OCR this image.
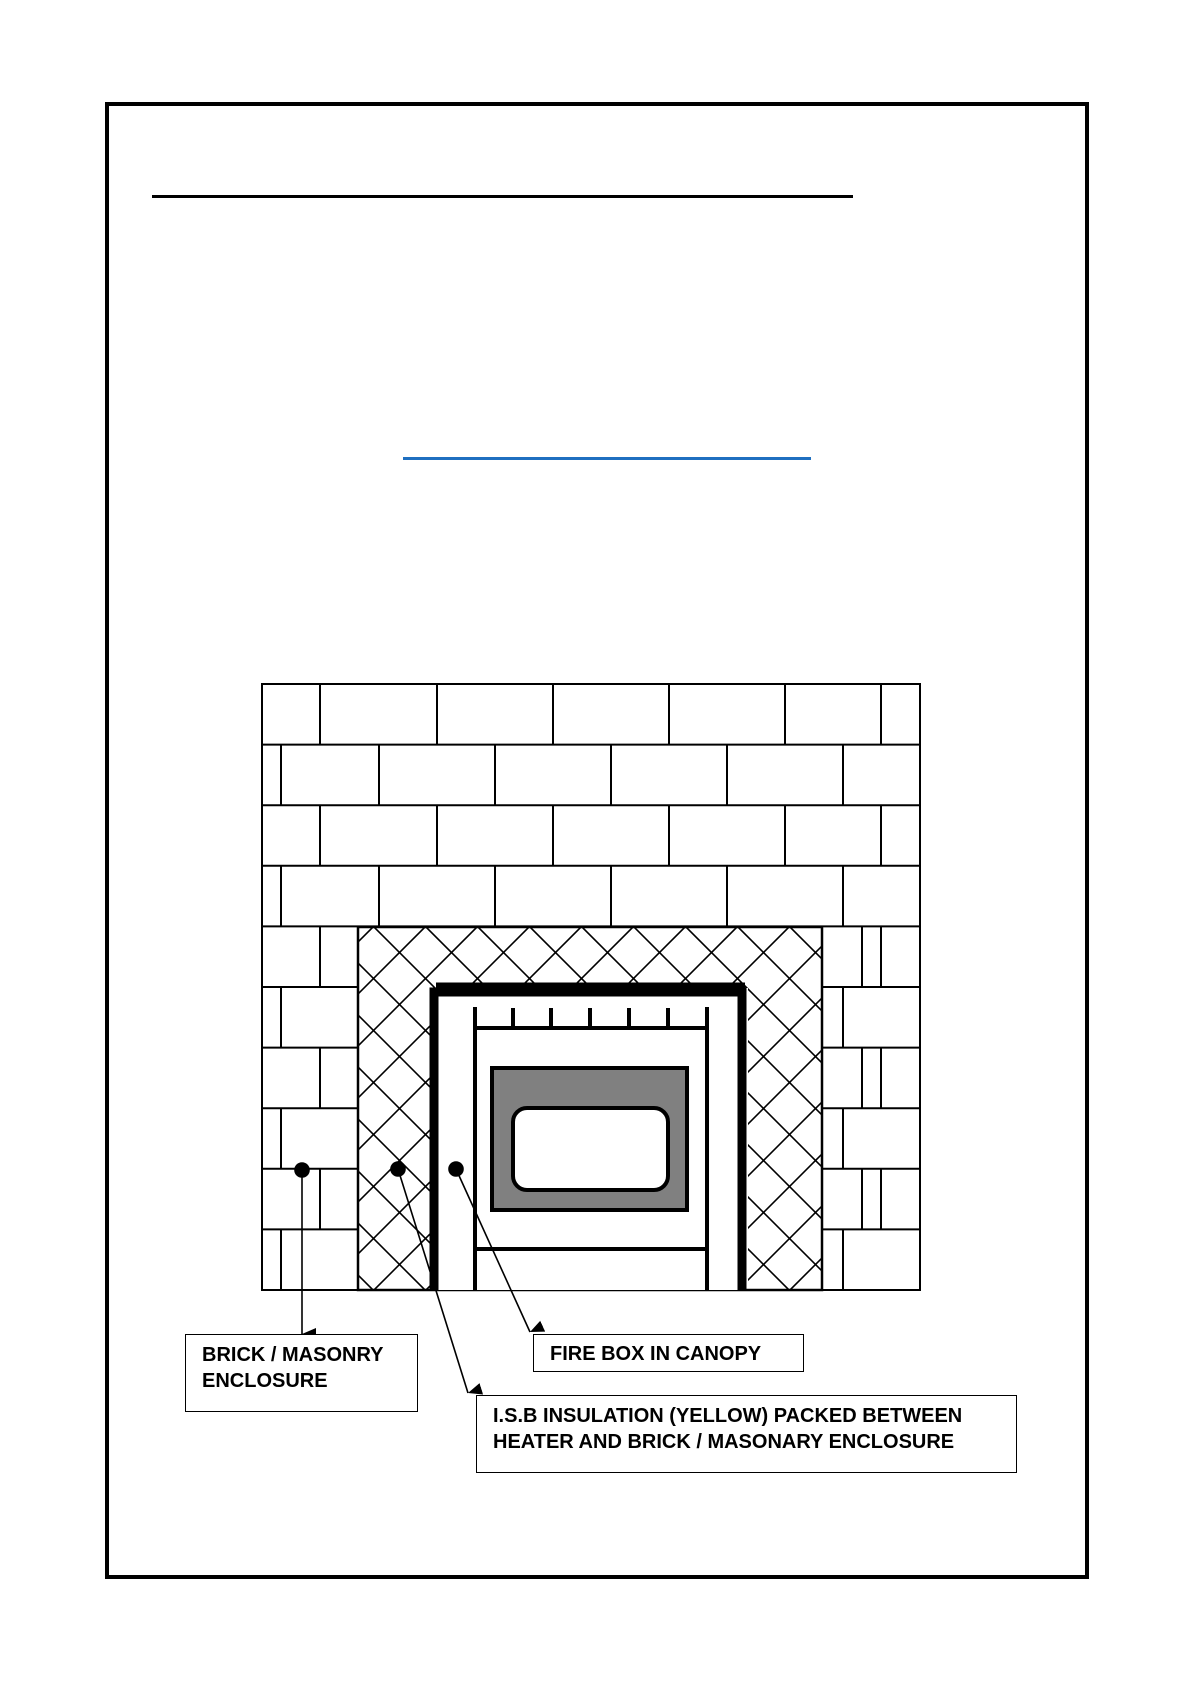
BRICK / MASONRY
ENCLOSURE
FIRE BOX IN CANOPY
I.S.B INSULATION (YELLOW) PACKED BETWEEN
HEATER AND BRICK / MASONARY ENCLOSURE
